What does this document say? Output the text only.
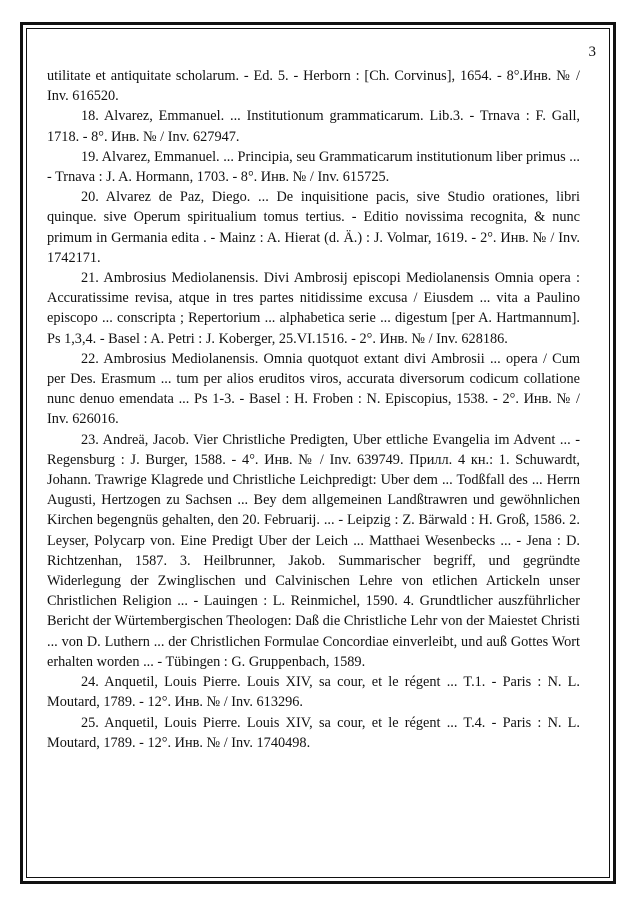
3

utilitate et antiquitate scholarum. - Ed. 5. - Herborn : [Ch. Corvinus], 1654. - 8°.Инв. № / Inv. 616520.

18. Alvarez, Emmanuel. ... Institutionum grammaticarum. Lib.3. - Trnava : F. Gall, 1718. - 8°. Инв. № / Inv. 627947.

19. Alvarez, Emmanuel. ... Principia, seu Grammaticarum institutionum liber primus ... - Trnava : J. A. Hormann, 1703. - 8°. Инв. № / Inv. 615725.

20. Alvarez de Paz, Diego. ... De inquisitione pacis, sive Studio orationes, libri quinque. sive Operum spiritualium tomus tertius. - Editio novissima recognita, & nunc primum in Germania edita . - Mainz : A. Hierat (d. Ä.) : J. Volmar, 1619. - 2°. Инв. № / Inv. 1742171.

21. Ambrosius Mediolanensis. Divi Ambrosij episcopi Mediolanensis Omnia opera : Accuratissime revisa, atque in tres partes nitidissime excusa / Eiusdem ... vita a Paulino episcopo ... conscripta ; Repertorium ... alphabetica serie ... digestum [per A. Hartmannum]. Ps 1,3,4. - Basel : A. Petri : J. Koberger, 25.VI.1516. - 2°. Инв. № / Inv. 628186.

22. Ambrosius Mediolanensis. Omnia quotquot extant divi Ambrosii ... opera / Cum per Des. Erasmum ... tum per alios eruditos viros, accurata diversorum codicum collatione nunc denuo emendata ... Ps 1-3. - Basel : H. Froben : N. Episcopius, 1538. - 2°. Инв. № / Inv. 626016.

23. Andreä, Jacob. Vier Christliche Predigten, Uber ettliche Evangelia im Advent ... - Regensburg : J. Burger, 1588. - 4°. Инв. № / Inv. 639749. Прилл. 4 кн.: 1. Schuwardt, Johann. Trawrige Klagrede und Christliche Leichpredigt: Uber dem ... Todßfall des ... Herrn Augusti, Hertzogen zu Sachsen ... Bey dem allgemeinen Landßtrawren und gewöhnlichen Kirchen begengnüs gehalten, den 20. Februarij. ... - Leipzig : Z. Bärwald : H. Groß, 1586. 2. Leyser, Polycarp von. Eine Predigt Uber der Leich ... Matthaei Wesenbecks ... - Jena : D. Richtzenhan, 1587. 3. Heilbrunner, Jakob. Summarischer begriff, und gegründte Widerlegung der Zwinglischen und Calvinischen Lehre von etlichen Artickeln unser Christlichen Religion ... - Lauingen : L. Reinmichel, 1590. 4. Grundtlicher auszführlicher Bericht der Würtembergischen Theologen: Daß die Christliche Lehr von der Maiestet Christi ... von D. Luthern ... der Christlichen Formulae Concordiae einverleibt, und auß Gottes Wort erhalten worden ... - Tübingen : G. Gruppenbach, 1589.

24. Anquetil, Louis Pierre. Louis XIV, sa cour, et le régent ... T.1. - Paris : N. L. Moutard, 1789. - 12°. Инв. № / Inv. 613296.

25. Anquetil, Louis Pierre. Louis XIV, sa cour, et le régent ... T.4. - Paris : N. L. Moutard, 1789. - 12°. Инв. № / Inv. 1740498.
